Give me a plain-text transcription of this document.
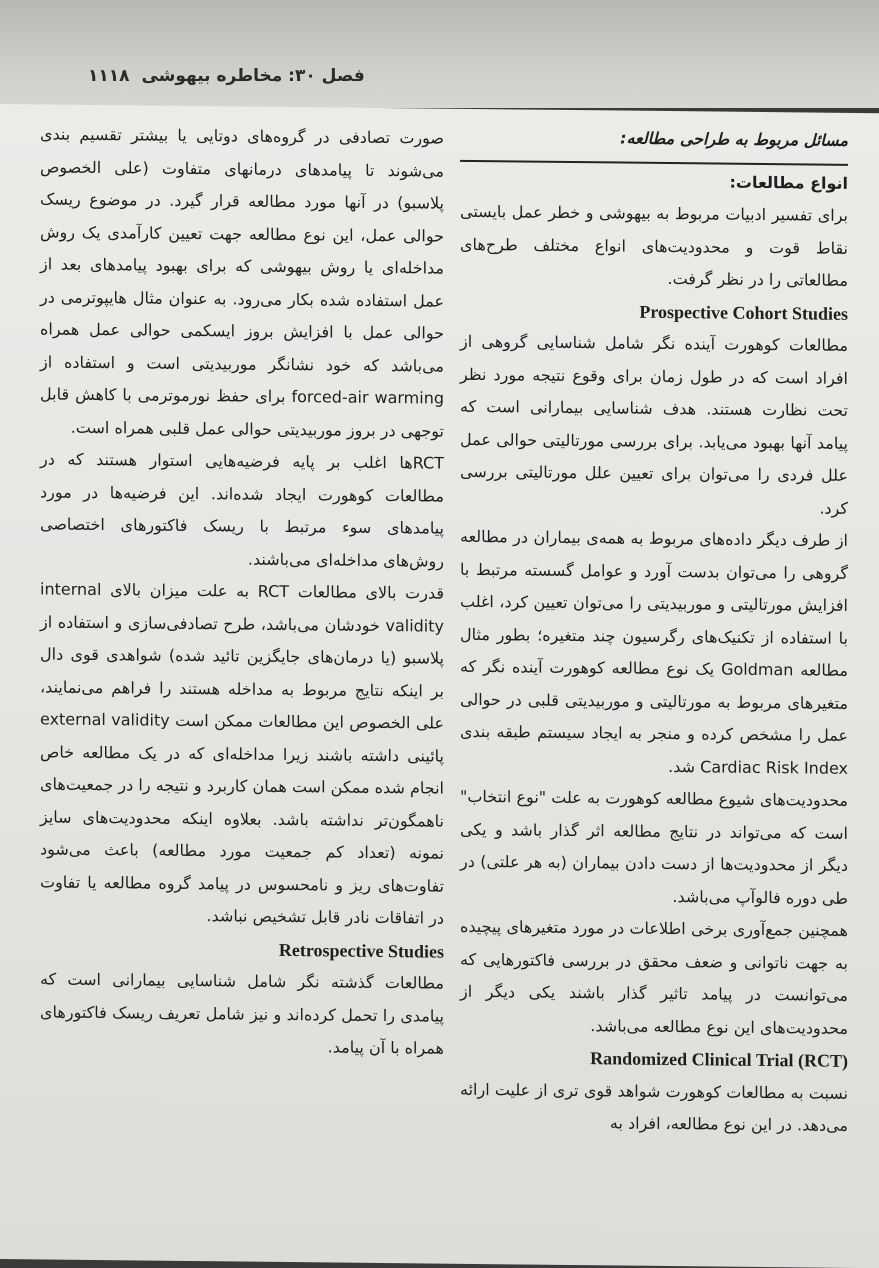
فصل ۳۰: مخاطره بیهوشی ۱۱۱۸

مسائل مربوط به طراحی مطالعه:

انواع مطالعات:

برای تفسیر ادبیات مربوط به بیهوشی و خطر عمل بایستی نقاط قوت و محدودیت‌های انواع مختلف طرح‌های مطالعاتی را در نظر گرفت.

Prospective Cohort Studies

مطالعات کوهورت آینده نگر شامل شناسایی گروهی از افراد است که در طول زمان برای وقوع نتیجه مورد نظر تحت نظارت هستند. هدف شناسایی بیمارانی است که پیامد آنها بهبود می‌یابد. برای بررسی مورتالیتی حوالی عمل علل فردی را می‌توان برای تعیین علل مورتالیتی بررسی کرد.

از طرف دیگر داده‌های مربوط به همه‌ی بیماران در مطالعه گروهی را می‌توان بدست آورد و عوامل گسسته مرتبط با افزایش مورتالیتی و موربیدیتی را می‌توان تعیین کرد، اغلب با استفاده از تکنیک‌های رگرسیون چند متغیره؛ بطور مثال مطالعه Goldman یک نوع مطالعه کوهورت آینده نگر که متغیرهای مربوط به مورتالیتی و موربیدیتی قلبی در حوالی عمل را مشخص کرده و منجر به ایجاد سیستم طبقه بندی Cardiac Risk Index شد.

محدودیت‌های شیوع مطالعه کوهورت به علت "نوع انتخاب" است که می‌تواند در نتایج مطالعه اثر گذار باشد و یکی دیگر از محدودیت‌ها از دست دادن بیماران (به هر علتی) در طی دوره فالوآپ می‌باشد.

همچنین جمع‌آوری برخی اطلاعات در مورد متغیرهای پیچیده به جهت ناتوانی و ضعف محقق در بررسی فاکتورهایی که می‌توانست در پیامد تاثیر گذار باشند یکی دیگر از محدودیت‌های این نوع مطالعه می‌باشد.

Randomized Clinical Trial (RCT)

نسبت به مطالعات کوهورت شواهد قوی تری از علیت ارائه می‌دهد. در این نوع مطالعه، افراد به

صورت تصادفی در گروه‌های دوتایی یا بیشتر تقسیم بندی می‌شوند تا پیامدهای درمانهای متفاوت (علی الخصوص پلاسبو) در آنها مورد مطالعه قرار گیرد. در موضوع ریسک حوالی عمل، این نوع مطالعه جهت تعیین کارآمدی یک روش مداخله‌ای یا روش بیهوشی که برای بهبود پیامدهای بعد از عمل استفاده شده بکار می‌رود. به عنوان مثال هایپوترمی در حوالی عمل با افزایش بروز ایسکمی حوالی عمل همراه می‌باشد که خود نشانگر موربیدیتی است و استفاده از forced-air warming برای حفظ نورموترمی با کاهش قابل توجهی در بروز موربیدیتی حوالی عمل قلبی همراه است.

RCTها اغلب بر پایه فرضیه‌هایی استوار هستند که در مطالعات کوهورت ایجاد شده‌اند. این فرضیه‌ها در مورد پیامدهای سوء مرتبط با ریسک فاکتورهای اختصاصی روش‌های مداخله‌ای می‌باشند.

قدرت بالای مطالعات RCT به علت میزان بالای internal validity خودشان می‌باشد، طرح تصادفی‌سازی و استفاده از پلاسبو (یا درمان‌های جایگزین تائید شده) شواهدی قوی دال بر اینکه نتایج مربوط به مداخله هستند را فراهم می‌نمایند، علی الخصوص این مطالعات ممکن است external validity پائینی داشته باشند زیرا مداخله‌ای که در یک مطالعه خاص انجام شده ممکن است همان کاربرد و نتیجه را در جمعیت‌های ناهمگون‌تر نداشته باشد. بعلاوه اینکه محدودیت‌های سایز نمونه (تعداد کم جمعیت مورد مطالعه) باعث می‌شود تفاوت‌های ریز و نامحسوس در پیامد گروه مطالعه یا تفاوت در اتفاقات نادر قابل تشخیص نباشد.

Retrospective Studies

مطالعات گذشته نگر شامل شناسایی بیمارانی است که پیامدی را تحمل کرده‌اند و نیز شامل تعریف ریسک فاکتورهای همراه با آن پیامد.
